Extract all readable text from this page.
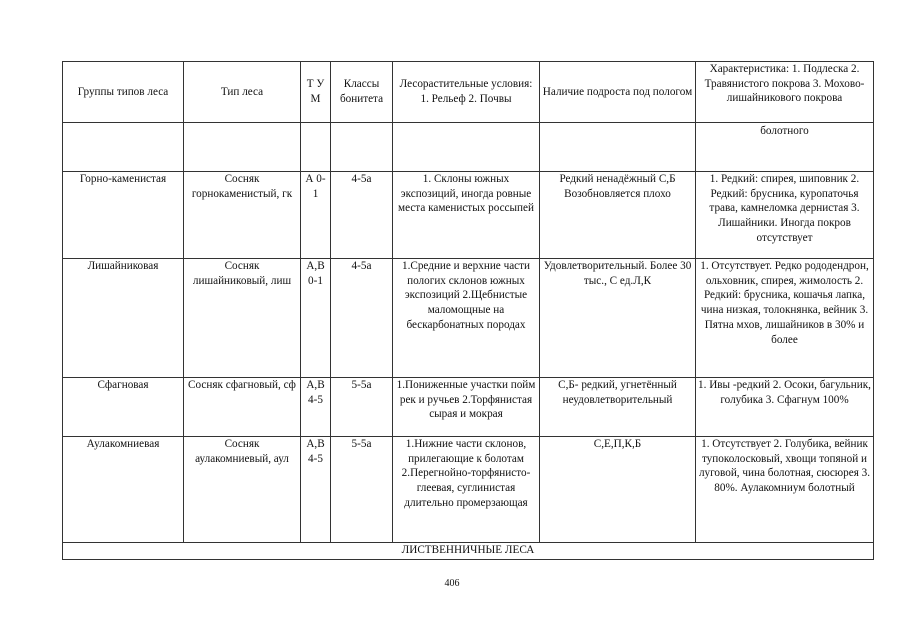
Группы типов леса	Тип леса	Т У М	Классы бонитета	Лесорастительные условия: 1. Рельеф 2. Почвы	Наличие подроста под пологом	Характеристика: 1. Подлеска 2. Травянистого покрова 3. Мохово-лишайникового покрова
						болотного
Горно-каменистая	Сосняк горнокаменистый, гк	А 0-1	4-5а	1. Склоны южных экспозиций, иногда ровные места каменистых россыпей	Редкий ненадёжный С,Б Возобновляется плохо	1. Редкий: спирея, шиповник 2. Редкий: брусника, куропаточья трава, камнеломка дернистая 3. Лишайники. Иногда покров отсутствует
Лишайниковая	Сосняк лишайниковый, лиш	А,В 0-1	4-5а	1.Средние и верхние части пологих склонов южных экспозиций 2.Щебнистые маломощные на бескарбонатных породах	Удовлетворительный. Более 30 тыс., С ед.Л,К	1. Отсутствует. Редко рододендрон, ольховник, спирея, жимолость 2. Редкий: брусника, кошачья лапка, чина низкая, толокнянка, вейник 3. Пятна мхов, лишайников в 30% и более
Сфагновая	Сосняк сфагновый, сф	А,В 4-5	5-5а	1.Пониженные участки пойм рек и ручьев 2.Торфянистая сырая и мокрая	С,Б- редкий, угнетённый неудовлетворительный	1. Ивы -редкий 2. Осоки, багульник, голубика 3. Сфагнум 100%
Аулакомниевая	Сосняк аулакомниевый, аул	А,В 4-5	5-5а	1.Нижние части склонов, прилегающие к болотам 2.Перегнойно-торфянисто-глеевая, суглинистая длительно промерзающая	С,Е,П,К,Б	1. Отсутствует 2. Голубика, вейник тупоколосковый, хвощи топяной и луговой, чина болотная, сюсюрея 3. 80%. Аулакомниум болотный
ЛИСТВЕННИЧНЫЕ ЛЕСА						
406
